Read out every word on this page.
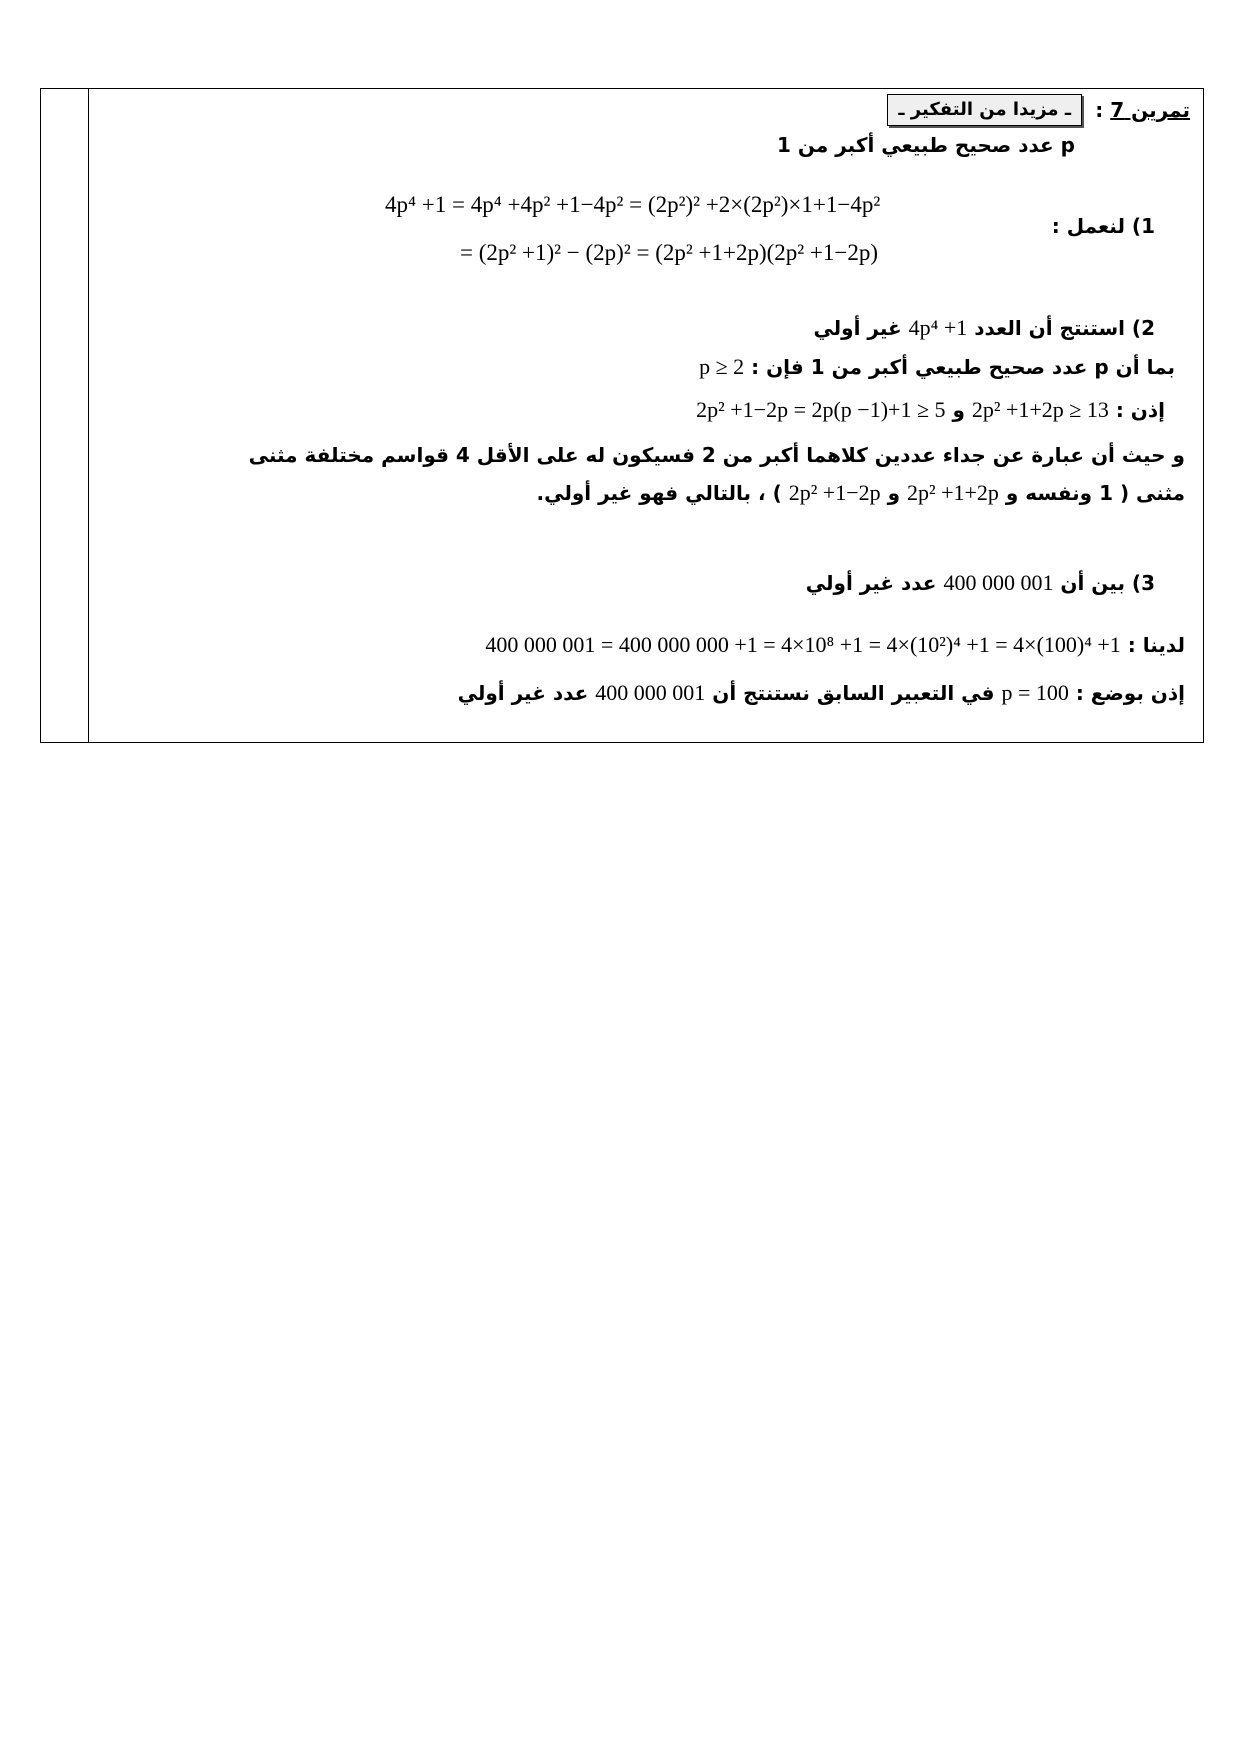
تمرين 7 :
ـ مزيدا من التفكير ـ
p عدد صحيح طبيعي أكبر من 1
4p⁴ +1 = 4p⁴ +4p² +1−4p² = (2p²)² +2×(2p²)×1+1−4p²
1) لنعمل :
= (2p² +1)² − (2p)² = (2p² +1+2p)(2p² +1−2p)
2) استنتج أن العدد 4p⁴ +1 غير أولي
بما أن p عدد صحيح طبيعي أكبر من 1 فإن : p ≥ 2
إذن : 2p² +1+2p ≥ 13 و 2p² +1−2p = 2p(p −1)+1 ≥ 5
و حيث أن عبارة عن جداء عددين كلاهما أكبر من 2 فسيكون له على الأقل 4 قواسم مختلفة مثنى
مثنى ( 1 ونفسه و 2p² +1+2p و 2p² +1−2p ) ، بالتالي فهو غير أولي.
3) بين أن 400 000 001 عدد غير أولي
لدينا : 400 000 001 = 400 000 000 +1 = 4×10⁸ +1 = 4×(10²)⁴ +1 = 4×(100)⁴ +1
إذن بوضع : p = 100 في التعبير السابق نستنتج أن 400 000 001 عدد غير أولي
